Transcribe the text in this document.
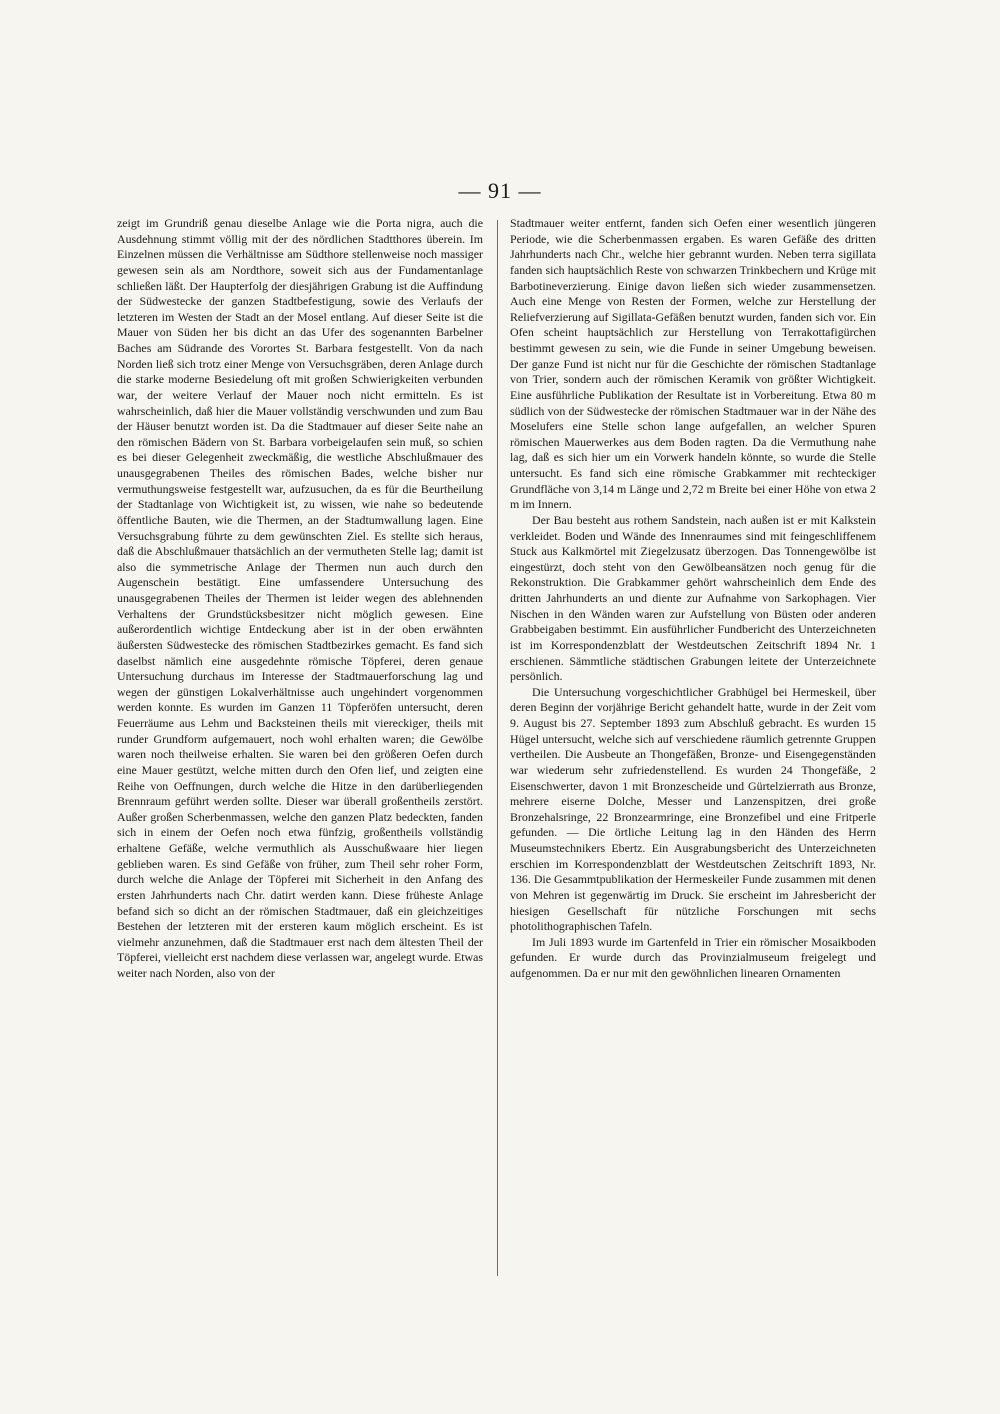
— 91 —

zeigt im Grundriß genau dieselbe Anlage wie die Porta nigra, auch die Ausdehnung stimmt völlig mit der des nördlichen Stadtthores überein. Im Einzelnen müssen die Verhältnisse am Südthore stellenweise noch massiger gewesen sein als am Nordthore, soweit sich aus der Fundamentanlage schließen läßt. Der Haupterfolg der diesjährigen Grabung ist die Auffindung der Südwestecke der ganzen Stadtbefestigung, sowie des Verlaufs der letzteren im Westen der Stadt an der Mosel entlang. Auf dieser Seite ist die Mauer von Süden her bis dicht an das Ufer des sogenannten Barbelner Baches am Südrande des Vorortes St. Barbara festgestellt. Von da nach Norden ließ sich trotz einer Menge von Versuchsgräben, deren Anlage durch die starke moderne Besiedelung oft mit großen Schwierigkeiten verbunden war, der weitere Verlauf der Mauer noch nicht ermitteln. Es ist wahrscheinlich, daß hier die Mauer vollständig verschwunden und zum Bau der Häuser benutzt worden ist. Da die Stadtmauer auf dieser Seite nahe an den römischen Bädern von St. Barbara vorbeigelaufen sein muß, so schien es bei dieser Gelegenheit zweckmäßig, die westliche Abschlußmauer des unausgegrabenen Theiles des römischen Bades, welche bisher nur vermuthungsweise festgestellt war, aufzusuchen, da es für die Beurtheilung der Stadtanlage von Wichtigkeit ist, zu wissen, wie nahe so bedeutende öffentliche Bauten, wie die Thermen, an der Stadtumwallung lagen. Eine Versuchsgrabung führte zu dem gewünschten Ziel. Es stellte sich heraus, daß die Abschlußmauer thatsächlich an der vermutheten Stelle lag; damit ist also die symmetrische Anlage der Thermen nun auch durch den Augenschein bestätigt. Eine umfassendere Untersuchung des unausgegrabenen Theiles der Thermen ist leider wegen des ablehnenden Verhaltens der Grundstücksbesitzer nicht möglich gewesen. Eine außerordentlich wichtige Entdeckung aber ist in der oben erwähnten äußersten Südwestecke des römischen Stadtbezirkes gemacht. Es fand sich daselbst nämlich eine ausgedehnte römische Töpferei, deren genaue Untersuchung durchaus im Interesse der Stadtmauerforschung lag und wegen der günstigen Lokalverhältnisse auch ungehindert vorgenommen werden konnte. Es wurden im Ganzen 11 Töpferöfen untersucht, deren Feuerräume aus Lehm und Backsteinen theils mit viereckiger, theils mit runder Grundform aufgemauert, noch wohl erhalten waren; die Gewölbe waren noch theilweise erhalten. Sie waren bei den größeren Oefen durch eine Mauer gestützt, welche mitten durch den Ofen lief, und zeigten eine Reihe von Oeffnungen, durch welche die Hitze in den darüberliegenden Brennraum geführt werden sollte. Dieser war überall großentheils zerstört. Außer großen Scherbenmassen, welche den ganzen Platz bedeckten, fanden sich in einem der Oefen noch etwa fünfzig, großentheils vollständig erhaltene Gefäße, welche vermuthlich als Ausschußwaare hier liegen geblieben waren. Es sind Gefäße von früher, zum Theil sehr roher Form, durch welche die Anlage der Töpferei mit Sicherheit in den Anfang des ersten Jahrhunderts nach Chr. datirt werden kann. Diese früheste Anlage befand sich so dicht an der römischen Stadtmauer, daß ein gleichzeitiges Bestehen der letzteren mit der ersteren kaum möglich erscheint. Es ist vielmehr anzunehmen, daß die Stadtmauer erst nach dem ältesten Theil der Töpferei, vielleicht erst nachdem diese verlassen war, angelegt wurde. Etwas weiter nach Norden, also von der

Stadtmauer weiter entfernt, fanden sich Oefen einer wesentlich jüngeren Periode, wie die Scherbenmassen ergaben. Es waren Gefäße des dritten Jahrhunderts nach Chr., welche hier gebrannt wurden. Neben terra sigillata fanden sich hauptsächlich Reste von schwarzen Trinkbechern und Krüge mit Barbotineverzierung. Einige davon ließen sich wieder zusammensetzen. Auch eine Menge von Resten der Formen, welche zur Herstellung der Reliefverzierung auf Sigillata-Gefäßen benutzt wurden, fanden sich vor. Ein Ofen scheint hauptsächlich zur Herstellung von Terrakottafigürchen bestimmt gewesen zu sein, wie die Funde in seiner Umgebung beweisen. Der ganze Fund ist nicht nur für die Geschichte der römischen Stadtanlage von Trier, sondern auch der römischen Keramik von größter Wichtigkeit. Eine ausführliche Publikation der Resultate ist in Vorbereitung. Etwa 80 m südlich von der Südwestecke der römischen Stadtmauer war in der Nähe des Moselufers eine Stelle schon lange aufgefallen, an welcher Spuren römischen Mauerwerkes aus dem Boden ragten. Da die Vermuthung nahe lag, daß es sich hier um ein Vorwerk handeln könnte, so wurde die Stelle untersucht. Es fand sich eine römische Grabkammer mit rechteckiger Grundfläche von 3,14 m Länge und 2,72 m Breite bei einer Höhe von etwa 2 m im Innern.

Der Bau besteht aus rothem Sandstein, nach außen ist er mit Kalkstein verkleidet. Boden und Wände des Innenraumes sind mit feingeschliffenem Stuck aus Kalkmörtel mit Ziegelzusatz überzogen. Das Tonnengewölbe ist eingestürzt, doch steht von den Gewölbeansätzen noch genug für die Rekonstruktion. Die Grabkammer gehört wahrscheinlich dem Ende des dritten Jahrhunderts an und diente zur Aufnahme von Sarkophagen. Vier Nischen in den Wänden waren zur Aufstellung von Büsten oder anderen Grabbeigaben bestimmt. Ein ausführlicher Fundbericht des Unterzeichneten ist im Korrespondenzblatt der Westdeutschen Zeitschrift 1894 Nr. 1 erschienen. Sämmtliche städtischen Grabungen leitete der Unterzeichnete persönlich.

Die Untersuchung vorgeschichtlicher Grabhügel bei Hermeskeil, über deren Beginn der vorjährige Bericht gehandelt hatte, wurde in der Zeit vom 9. August bis 27. September 1893 zum Abschluß gebracht. Es wurden 15 Hügel untersucht, welche sich auf verschiedene räumlich getrennte Gruppen vertheilen. Die Ausbeute an Thongefäßen, Bronze- und Eisengegenständen war wiederum sehr zufriedenstellend. Es wurden 24 Thongefäße, 2 Eisenschwerter, davon 1 mit Bronzescheide und Gürtelzierrath aus Bronze, mehrere eiserne Dolche, Messer und Lanzenspitzen, drei große Bronzehalsringe, 22 Bronzearmringe, eine Bronzefibel und eine Fritperle gefunden. — Die örtliche Leitung lag in den Händen des Herrn Museumstechnikers Ebertz. Ein Ausgrabungsbericht des Unterzeichneten erschien im Korrespondenzblatt der Westdeutschen Zeitschrift 1893, Nr. 136. Die Gesammtpublikation der Hermeskeiler Funde zusammen mit denen von Mehren ist gegenwärtig im Druck. Sie erscheint im Jahresbericht der hiesigen Gesellschaft für nützliche Forschungen mit sechs photolithographischen Tafeln.

Im Juli 1893 wurde im Gartenfeld in Trier ein römischer Mosaikboden gefunden. Er wurde durch das Provinzialmuseum freigelegt und aufgenommen. Da er nur mit den gewöhnlichen linearen Ornamenten
